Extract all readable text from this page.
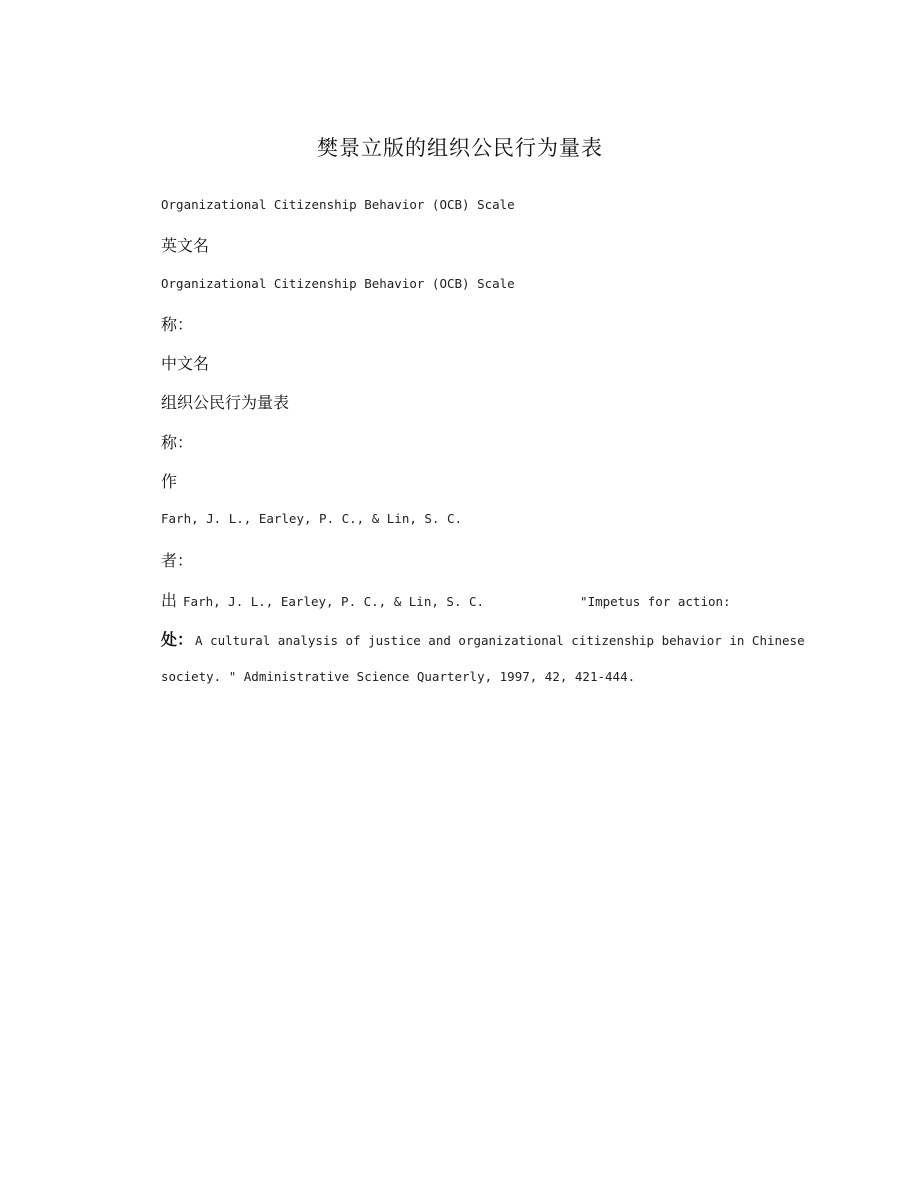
樊景立版的组织公民行为量表
Organizational Citizenship Behavior (OCB) Scale
英文名
Organizational Citizenship Behavior (OCB) Scale
称：
中文名
组织公民行为量表
称：
作
Farh, J. L., Earley, P. C., & Lin, S. C.
者：
出 Farh, J. L., Earley, P. C., & Lin, S. C.	"Impetus for action:
处： A cultural analysis of justice and organizational citizenship behavior in Chinese
society. " Administrative Science Quarterly, 1997, 42, 421-444.
